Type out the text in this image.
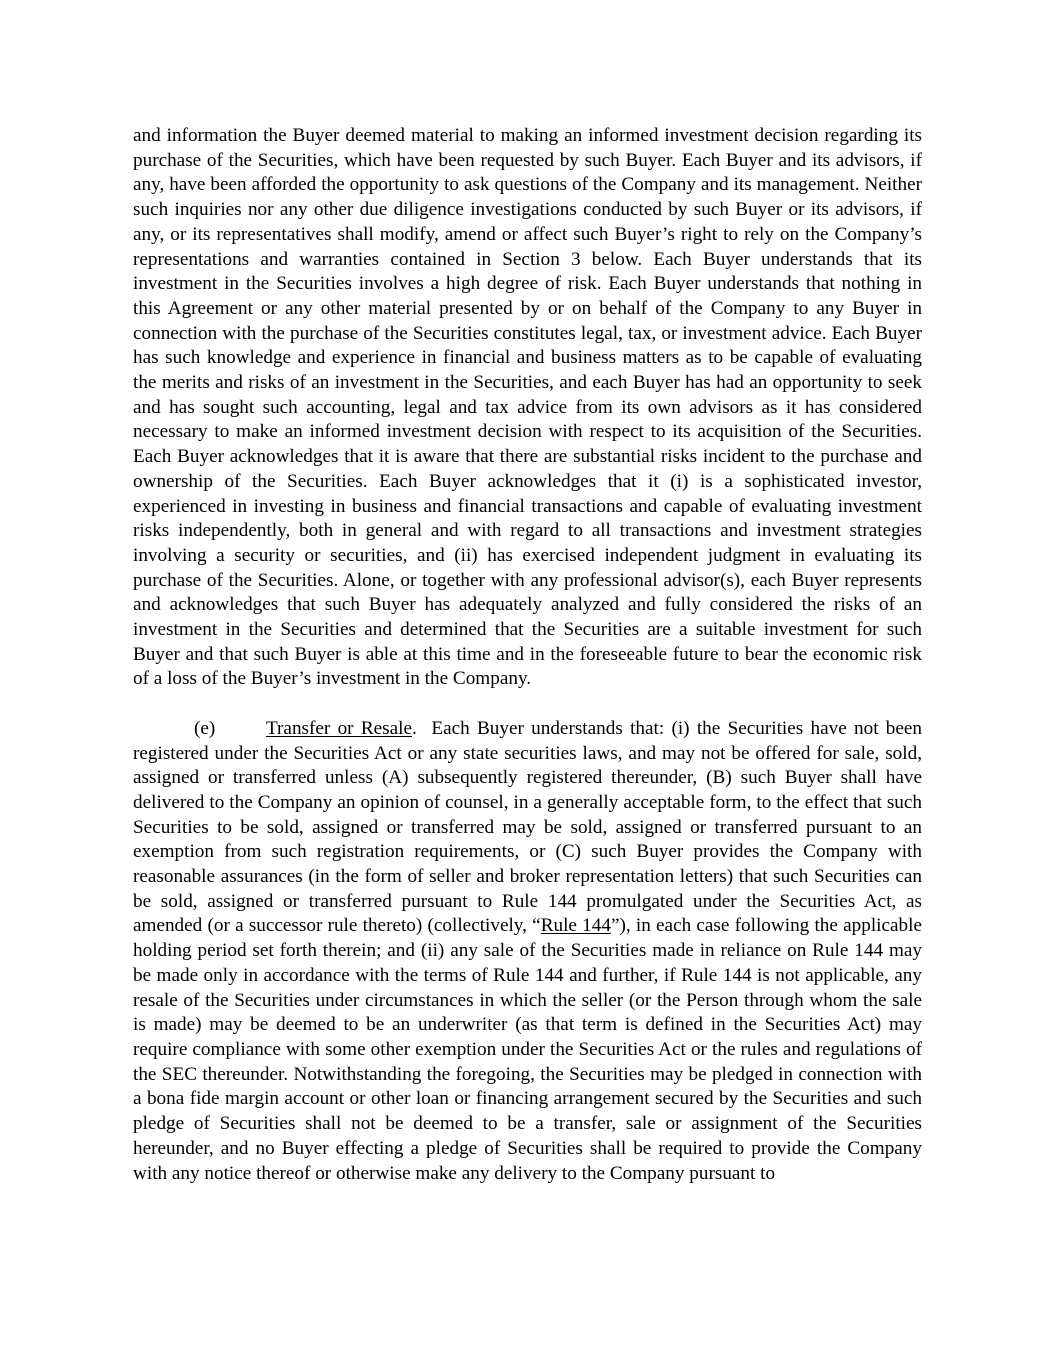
and information the Buyer deemed material to making an informed investment decision regarding its purchase of the Securities, which have been requested by such Buyer. Each Buyer and its advisors, if any, have been afforded the opportunity to ask questions of the Company and its management. Neither such inquiries nor any other due diligence investigations conducted by such Buyer or its advisors, if any, or its representatives shall modify, amend or affect such Buyer’s right to rely on the Company’s representations and warranties contained in Section 3 below. Each Buyer understands that its investment in the Securities involves a high degree of risk. Each Buyer understands that nothing in this Agreement or any other material presented by or on behalf of the Company to any Buyer in connection with the purchase of the Securities constitutes legal, tax, or investment advice. Each Buyer has such knowledge and experience in financial and business matters as to be capable of evaluating the merits and risks of an investment in the Securities, and each Buyer has had an opportunity to seek and has sought such accounting, legal and tax advice from its own advisors as it has considered necessary to make an informed investment decision with respect to its acquisition of the Securities. Each Buyer acknowledges that it is aware that there are substantial risks incident to the purchase and ownership of the Securities. Each Buyer acknowledges that it (i) is a sophisticated investor, experienced in investing in business and financial transactions and capable of evaluating investment risks independently, both in general and with regard to all transactions and investment strategies involving a security or securities, and (ii) has exercised independent judgment in evaluating its purchase of the Securities. Alone, or together with any professional advisor(s), each Buyer represents and acknowledges that such Buyer has adequately analyzed and fully considered the risks of an investment in the Securities and determined that the Securities are a suitable investment for such Buyer and that such Buyer is able at this time and in the foreseeable future to bear the economic risk of a loss of the Buyer’s investment in the Company.

(e)	Transfer or Resale. Each Buyer understands that: (i) the Securities have not been registered under the Securities Act or any state securities laws, and may not be offered for sale, sold, assigned or transferred unless (A) subsequently registered thereunder, (B) such Buyer shall have delivered to the Company an opinion of counsel, in a generally acceptable form, to the effect that such Securities to be sold, assigned or transferred may be sold, assigned or transferred pursuant to an exemption from such registration requirements, or (C) such Buyer provides the Company with reasonable assurances (in the form of seller and broker representation letters) that such Securities can be sold, assigned or transferred pursuant to Rule 144 promulgated under the Securities Act, as amended (or a successor rule thereto) (collectively, “Rule 144”), in each case following the applicable holding period set forth therein; and (ii) any sale of the Securities made in reliance on Rule 144 may be made only in accordance with the terms of Rule 144 and further, if Rule 144 is not applicable, any resale of the Securities under circumstances in which the seller (or the Person through whom the sale is made) may be deemed to be an underwriter (as that term is defined in the Securities Act) may require compliance with some other exemption under the Securities Act or the rules and regulations of the SEC thereunder. Notwithstanding the foregoing, the Securities may be pledged in connection with a bona fide margin account or other loan or financing arrangement secured by the Securities and such pledge of Securities shall not be deemed to be a transfer, sale or assignment of the Securities hereunder, and no Buyer effecting a pledge of Securities shall be required to provide the Company with any notice thereof or otherwise make any delivery to the Company pursuant to
